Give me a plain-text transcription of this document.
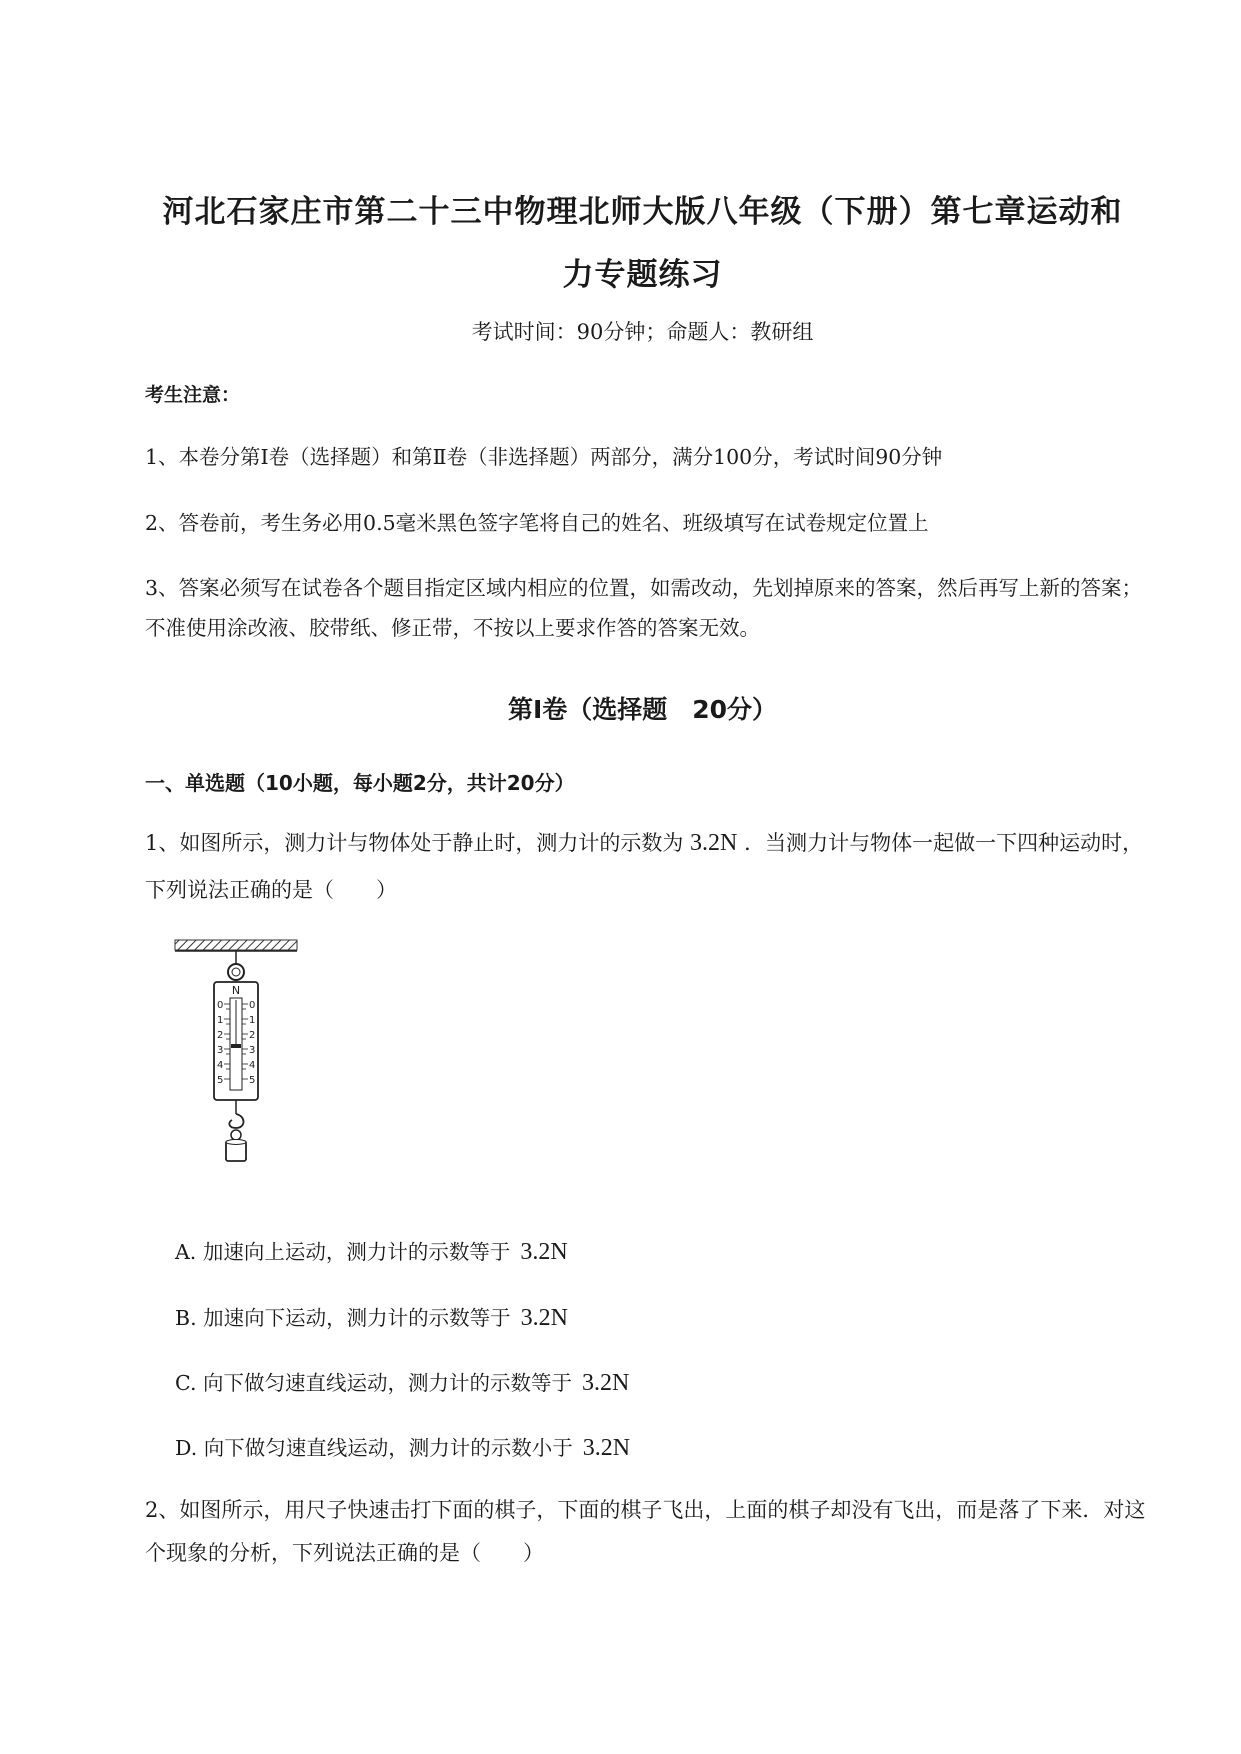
河北石家庄市第二十三中物理北师大版八年级（下册）第七章运动和
力专题练习
考试时间：90分钟；命题人：教研组
考生注意：
1、本卷分第Ⅰ卷（选择题）和第Ⅱ卷（非选择题）两部分，满分100分，考试时间90分钟
2、答卷前，考生务必用0.5毫米黑色签字笔将自己的姓名、班级填写在试卷规定位置上
3、答案必须写在试卷各个题目指定区域内相应的位置，如需改动，先划掉原来的答案，然后再写上新的答案；不准使用涂改液、胶带纸、修正带，不按以上要求作答的答案无效。
第Ⅰ卷（选择题　20分）
一、单选题（10小题，每小题2分，共计20分）
1、如图所示，测力计与物体处于静止时，测力计的示数为 3.2N ．当测力计与物体一起做一下四种运动时，下列说法正确的是（　　）
N
0
1
2
3
4
5
0
1
2
3
4
5
A. 加速向上运动，测力计的示数等于 3.2N
B. 加速向下运动，测力计的示数等于 3.2N
C. 向下做匀速直线运动，测力计的示数等于 3.2N
D. 向下做匀速直线运动，测力计的示数小于 3.2N
2、如图所示，用尺子快速击打下面的棋子，下面的棋子飞出，上面的棋子却没有飞出，而是落了下来．对这个现象的分析，下列说法正确的是（　　）
